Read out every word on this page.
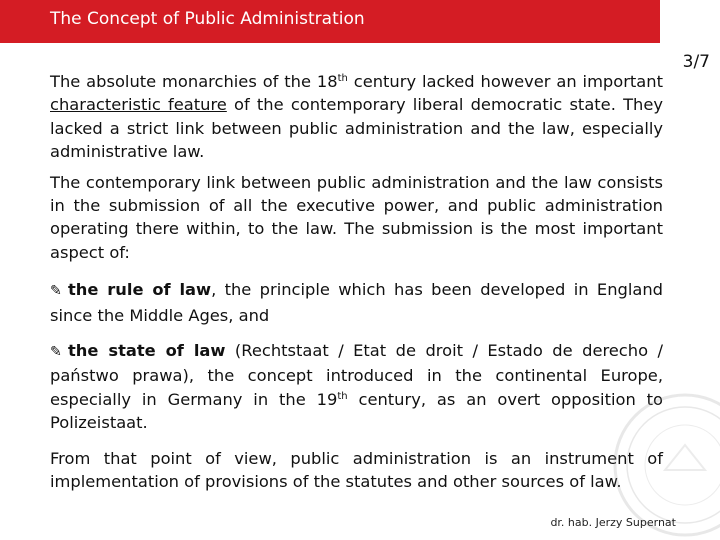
The Concept of Public Administration
3/7

The absolute monarchies of the 18th century lacked however an important characteristic feature of the contemporary liberal democratic state. They lacked a strict link between public administration and the law, especially administrative law.

The contemporary link between public administration and the law consists in the submission of all the executive power, and public administration operating there within, to the law. The submission is the most important aspect of:

✎ the rule of law, the principle which has been developed in England since the Middle Ages, and

✎ the state of law (Rechtstaat / Etat de droit / Estado de derecho / państwo prawa), the concept introduced in the continental Europe, especially in Germany in the 19th century, as an overt opposition to Polizeistaat.

From that point of view, public administration is an instrument of implementation of provisions of the statutes and other sources of law.

dr. hab. Jerzy Supernat
